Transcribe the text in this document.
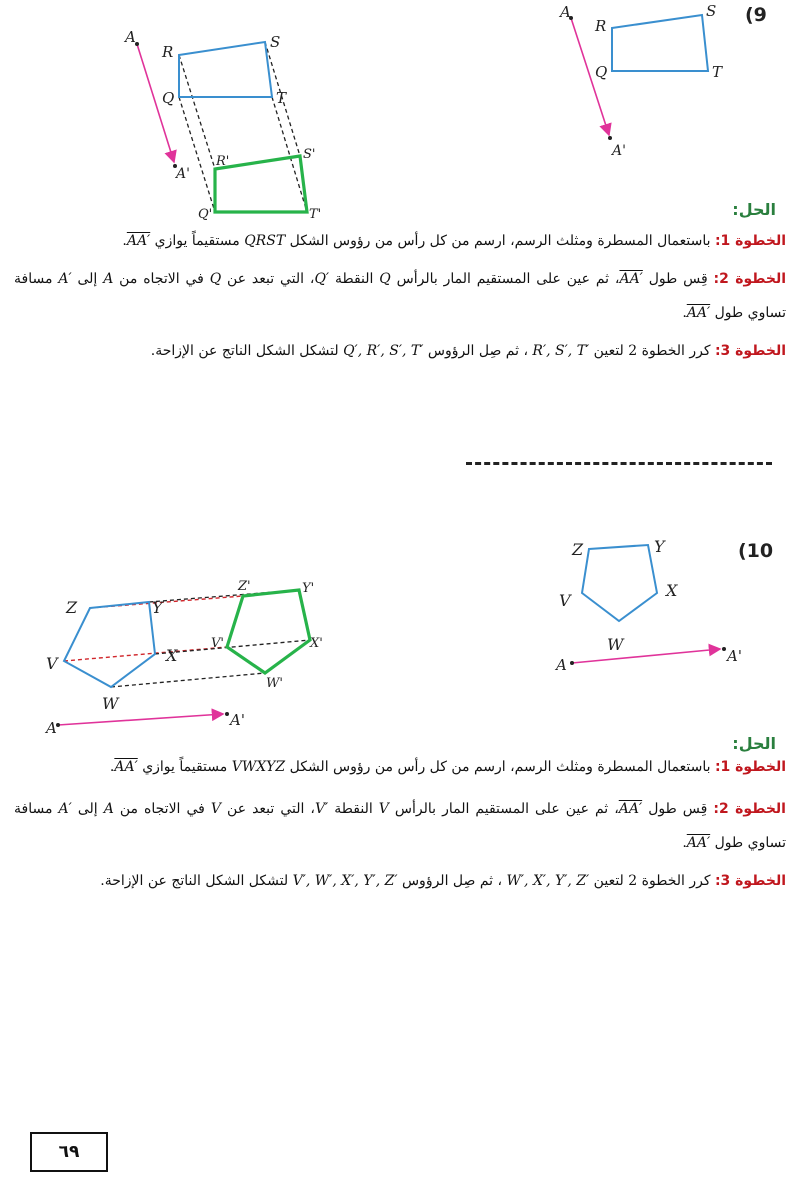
(9
A
A'
R
S
Q	T
A
A'
R
S
Q	T
R'	S'
Q'	T'	الحل:
الخطوة 1: باستعمال المسطرة ومثلث الرسم، ارسم من كل رأس من رؤوس الشكل QRST مستقيماً يوازي AA′.
الخطوة 2: قِس طول AA′، ثم عين على المستقيم المار بالرأس Q النقطة Q′، التي تبعد عن Q في الاتجاه من A إلى A′ مسافة تساوي طول AA′.
الخطوة 3: كرر الخطوة 2 لتعين R′, S′, T′ ، ثم صِل الرؤوس Q′, R′, S′, T′ لتشكل الشكل الناتج عن الإزاحة.
(10
Z	Y
V
X
W
A	A'
Z	Y
V	X
W
Z'	Y'
V'	X'
W'
A	A'
الحل:
الخطوة 1: باستعمال المسطرة ومثلث الرسم، ارسم من كل رأس من رؤوس الشكل VWXYZ مستقيماً يوازي AA′.
الخطوة 2: قِس طول AA′، ثم عين على المستقيم المار بالرأس V النقطة V′، التي تبعد عن V في الاتجاه من A إلى A′ مسافة تساوي طول AA′.
الخطوة 3: كرر الخطوة 2 لتعين W′, X′, Y′, Z′ ، ثم صِل الرؤوس V′, W′, X′, Y′, Z′ لتشكل الشكل الناتج عن الإزاحة.
٦٩
